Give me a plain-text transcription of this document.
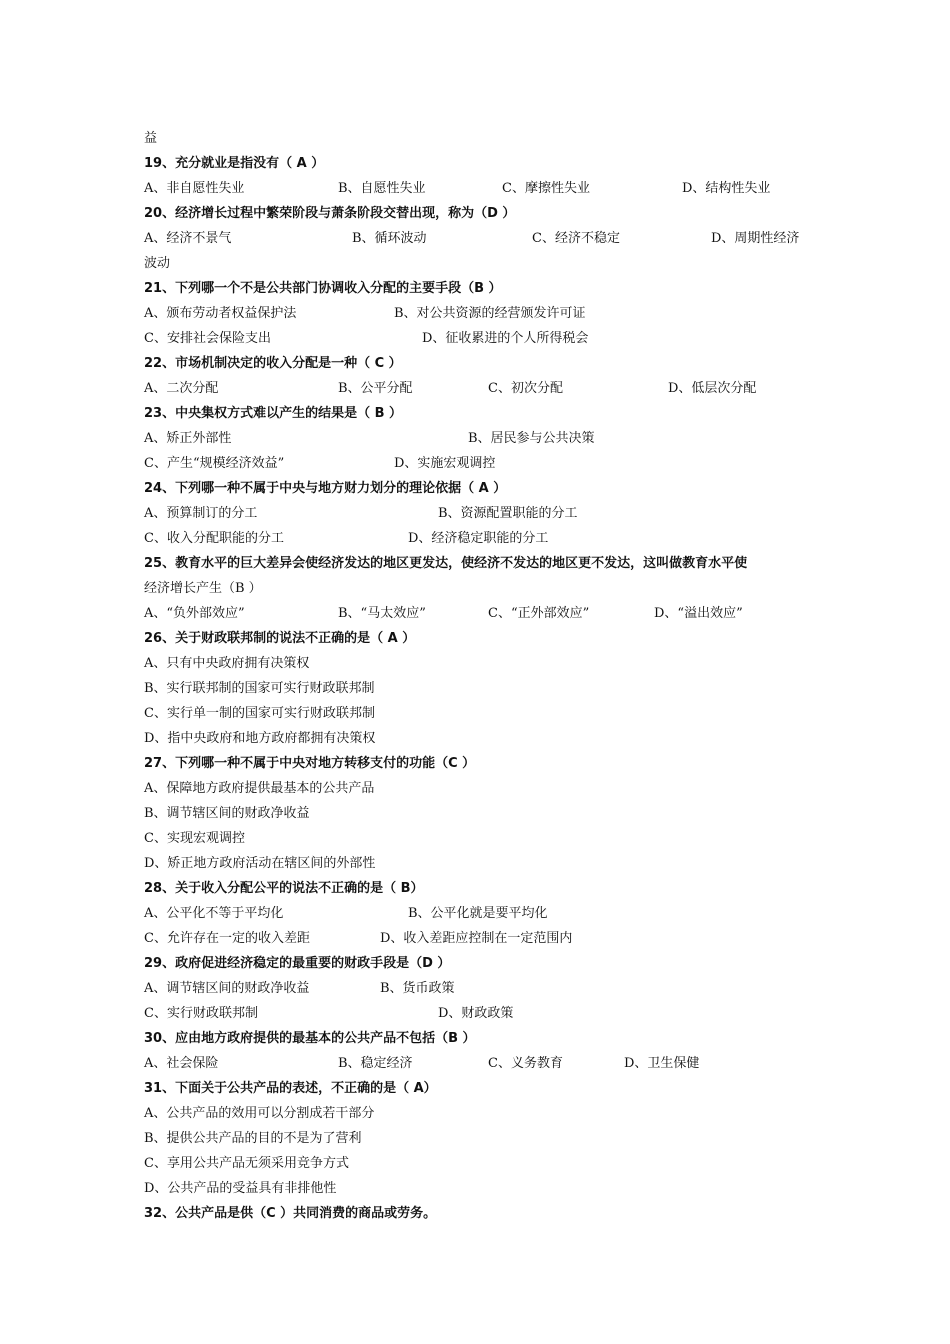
益
19、充分就业是指没有（ A ）
A、非自愿性失业	B、自愿性失业	C、摩擦性失业	D、结构性失业
20、经济增长过程中繁荣阶段与萧条阶段交替出现，称为（D ）
A、经济不景气	B、循环波动	C、经济不稳定	D、周期性经济
波动
21、下列哪一个不是公共部门协调收入分配的主要手段（B ）
A、颁布劳动者权益保护法	B、对公共资源的经营颁发许可证
C、安排社会保险支出	D、征收累进的个人所得税会
22、市场机制决定的收入分配是一种（ C ）
A、二次分配	B、公平分配	C、初次分配	D、低层次分配
23、中央集权方式难以产生的结果是（ B ）
A、矫正外部性	B、居民参与公共决策
C、产生“规模经济效益”	D、实施宏观调控
24、下列哪一种不属于中央与地方财力划分的理论依据（ A ）
A、预算制订的分工	B、资源配置职能的分工
C、收入分配职能的分工	D、经济稳定职能的分工
25、教育水平的巨大差异会使经济发达的地区更发达，使经济不发达的地区更不发达，这叫做教育水平使
经济增长产生（B ）
A、“负外部效应”	B、“马太效应”	C、“正外部效应”	D、“溢出效应”
26、关于财政联邦制的说法不正确的是（ A ）
A、只有中央政府拥有决策权
B、实行联邦制的国家可实行财政联邦制
C、实行单一制的国家可实行财政联邦制
D、指中央政府和地方政府都拥有决策权
27、下列哪一种不属于中央对地方转移支付的功能（C ）
A、保障地方政府提供最基本的公共产品
B、调节辖区间的财政净收益
C、实现宏观调控
D、矫正地方政府活动在辖区间的外部性
28、关于收入分配公平的说法不正确的是（ B）
A、公平化不等于平均化	B、公平化就是要平均化
C、允许存在一定的收入差距	D、收入差距应控制在一定范围内
29、政府促进经济稳定的最重要的财政手段是（D ）
A、调节辖区间的财政净收益	B、货币政策
C、实行财政联邦制	D、财政政策
30、应由地方政府提供的最基本的公共产品不包括（B ）
A、社会保险	B、稳定经济	C、义务教育	D、卫生保健
31、下面关于公共产品的表述，不正确的是（ A）
A、公共产品的效用可以分割成若干部分
B、提供公共产品的目的不是为了营利
C、享用公共产品无须采用竞争方式
D、公共产品的受益具有非排他性
32、公共产品是供（C ）共同消费的商品或劳务。
